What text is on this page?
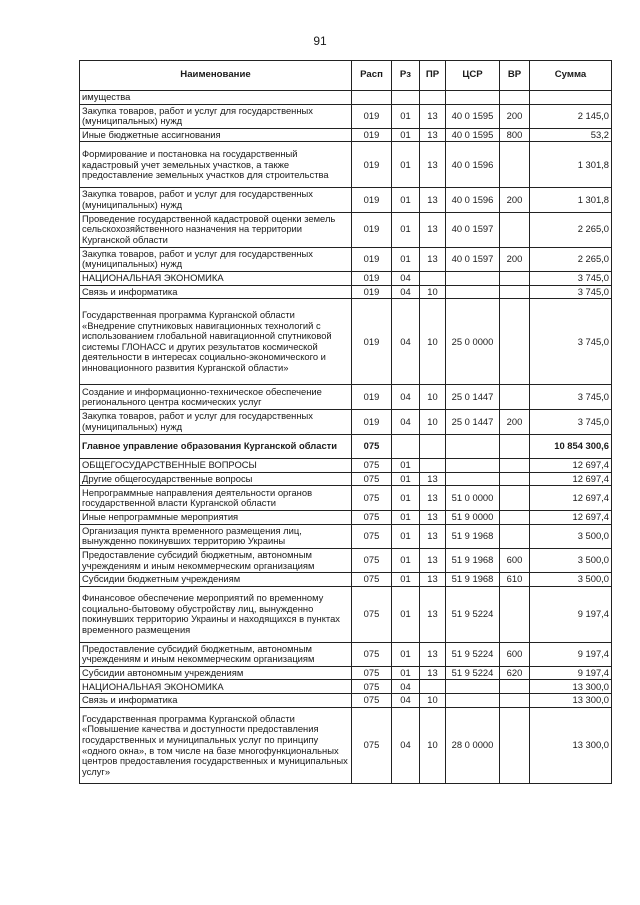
91
Наименование	Расп	Рз	ПР	ЦСР	ВР	Сумма
имущества						
Закупка товаров, работ и услуг для государственных (муниципальных) нужд	019	01	13	40 0 1595	200	2 145,0
Иные бюджетные ассигнования	019	01	13	40 0 1595	800	53,2
Формирование и постановка на государственный кадастровый учет земельных участков, а также предоставление земельных участков для строительства	019	01	13	40 0 1596		1 301,8
Закупка товаров, работ и услуг для государственных (муниципальных) нужд	019	01	13	40 0 1596	200	1 301,8
Проведение государственной кадастровой оценки земель сельскохозяйственного назначения на территории Курганской области	019	01	13	40 0 1597		2 265,0
Закупка товаров, работ и услуг для государственных (муниципальных) нужд	019	01	13	40 0 1597	200	2 265,0
НАЦИОНАЛЬНАЯ ЭКОНОМИКА	019	04				3 745,0
Связь и информатика	019	04	10			3 745,0
Государственная программа Курганской области «Внедрение спутниковых навигационных технологий с использованием глобальной навигационной спутниковой системы ГЛОНАСС и других результатов космической деятельности в интересах социально-экономического и инновационного развития Курганской области»	019	04	10	25 0 0000		3 745,0
Создание и информационно-техническое обеспечение регионального центра космических услуг	019	04	10	25 0 1447		3 745,0
Закупка товаров, работ и услуг для государственных (муниципальных) нужд	019	04	10	25 0 1447	200	3 745,0
Главное управление образования Курганской области	075					10 854 300,6
ОБЩЕГОСУДАРСТВЕННЫЕ ВОПРОСЫ	075	01				12 697,4
Другие общегосударственные вопросы	075	01	13			12 697,4
Непрограммные направления деятельности органов государственной власти Курганской области	075	01	13	51 0 0000		12 697,4
Иные непрограммные мероприятия	075	01	13	51 9 0000		12 697,4
Организация пункта временного размещения лиц, вынужденно покинувших территорию Украины	075	01	13	51 9 1968		3 500,0
Предоставление субсидий бюджетным, автономным учреждениям и иным некоммерческим организациям	075	01	13	51 9 1968	600	3 500,0
Субсидии бюджетным учреждениям	075	01	13	51 9 1968	610	3 500,0
Финансовое обеспечение мероприятий по временному социально-бытовому обустройству лиц, вынужденно покинувших территорию Украины и находящихся в пунктах временного размещения	075	01	13	51 9 5224		9 197,4
Предоставление субсидий бюджетным, автономным учреждениям и иным некоммерческим организациям	075	01	13	51 9 5224	600	9 197,4
Субсидии автономным учреждениям	075	01	13	51 9 5224	620	9 197,4
НАЦИОНАЛЬНАЯ ЭКОНОМИКА	075	04				13 300,0
Связь и информатика	075	04	10			13 300,0
Государственная программа Курганской области «Повышение качества и доступности предоставления государственных и муниципальных услуг по принципу «одного окна», в том числе на базе многофункциональных центров предоставления государственных и муниципальных услуг»	075	04	10	28 0 0000		13 300,0
